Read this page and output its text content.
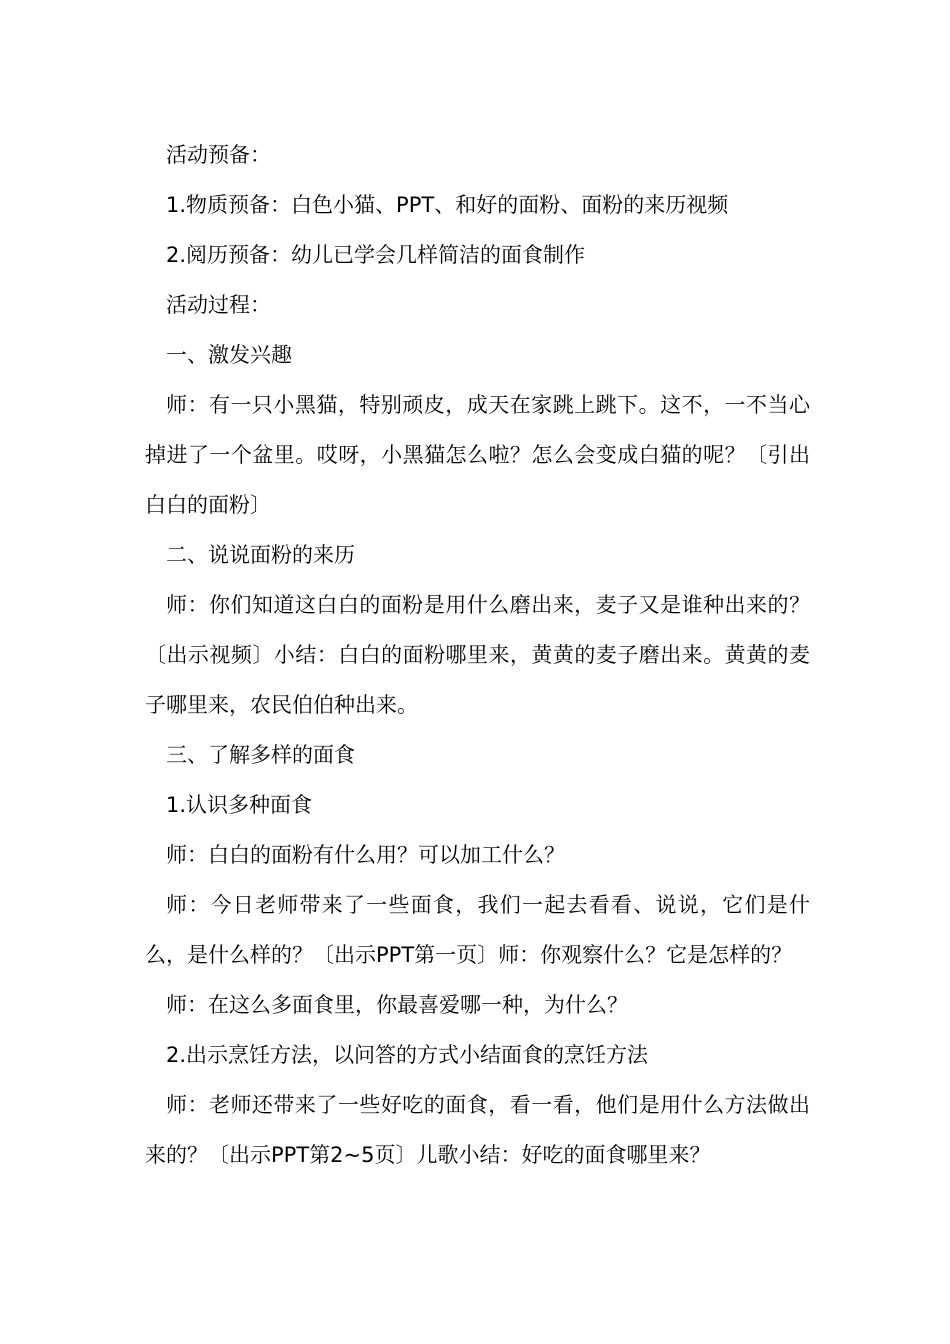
活动预备：

1.物质预备：白色小猫、PPT、和好的面粉、面粉的来历视频

2.阅历预备：幼儿已学会几样简洁的面食制作

活动过程：

一、激发兴趣

师：有一只小黑猫，特别顽皮，成天在家跳上跳下。这不，一不当心掉进了一个盆里。哎呀，小黑猫怎么啦？怎么会变成白猫的呢？〔引出白白的面粉〕

二、说说面粉的来历

师：你们知道这白白的面粉是用什么磨出来，麦子又是谁种出来的？〔出示视频〕小结：白白的面粉哪里来，黄黄的麦子磨出来。黄黄的麦子哪里来，农民伯伯种出来。

三、了解多样的面食

1.认识多种面食

师：白白的面粉有什么用？可以加工什么？

师：今日老师带来了一些面食，我们一起去看看、说说，它们是什么，是什么样的？〔出示PPT第一页〕师：你观察什么？它是怎样的？

师：在这么多面食里，你最喜爱哪一种，为什么？

2.出示烹饪方法，以问答的方式小结面食的烹饪方法

师：老师还带来了一些好吃的面食，看一看，他们是用什么方法做出来的？〔出示PPT第2~5页〕儿歌小结：好吃的面食哪里来？
